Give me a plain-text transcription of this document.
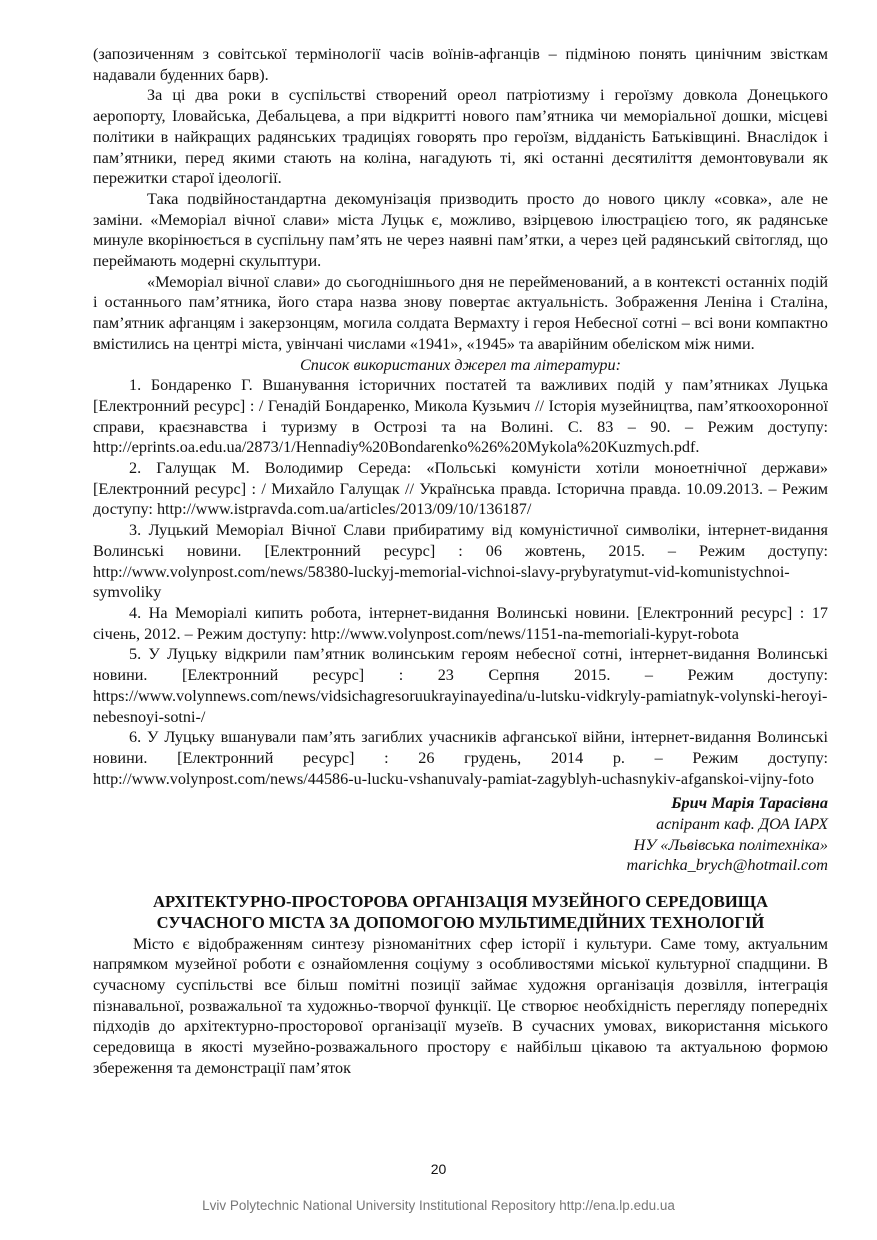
(запозиченням з совітської термінології часів воїнів-афганців – підміною понять цинічним звісткам надавали буденних барв).

За ці два роки в суспільстві створений ореол патріотизму і героїзму довкола Донецького аеропорту, Іловайська, Дебальцева, а при відкритті нового пам’ятника чи меморіальної дошки, місцеві політики в найкращих радянських традиціях говорять про героїзм, відданість Батьківщині. Внаслідок і пам’ятники, перед якими стають на коліна, нагадують ті, які останні десятиліття демонтовували як пережитки старої ідеології.

Така подвійностандартна декомунізація призводить просто до нового циклу «совка», але не заміни. «Меморіал вічної слави» міста Луцьк є, можливо, взірцевою ілюстрацією того, як радянське минуле вкорінюється в суспільну пам’ять не через наявні пам’ятки, а через цей радянський світогляд, що переймають модерні скульптури.

«Меморіал вічної слави» до сьогоднішнього дня не перейменований, а в контексті останніх подій і останнього пам’ятника, його стара назва знову повертає актуальність. Зображення Леніна і Сталіна, пам’ятник афганцям і закерзонцям, могила солдата Вермахту і героя Небесної сотні – всі вони компактно вмістились на центрі міста, увінчані числами «1941», «1945» та аварійним обеліском між ними.

Список використаних джерел та літератури:

1. Бондаренко Г. Вшанування історичних постатей та важливих подій у пам’ятниках Луцька [Електронний ресурс] : / Генадій Бондаренко, Микола Кузьмич // Історія музейництва, пам’яткоохоронної справи, краєзнавства і туризму в Острозі та на Волині. С. 83 – 90. – Режим доступу: http://eprints.oa.edu.ua/2873/1/Hennadiy%20Bondarenko%26%20Mykola%20Kuzmych.pdf.

2. Галущак М. Володимир Середа: «Польські комуністи хотіли моноетнічної держави» [Електронний ресурс] : / Михайло Галущак // Українська правда. Історична правда. 10.09.2013. – Режим доступу: http://www.istpravda.com.ua/articles/2013/09/10/136187/

3. Луцький Меморіал Вічної Слави прибиратиму від комуністичної символіки, інтернет-видання Волинські новини. [Електронний ресурс] : 06 жовтень, 2015. – Режим доступу: http://www.volynpost.com/news/58380-luckyj-memorial-vichnoi-slavy-prybyratymut-vid-komunistychnoi-symvoliky

4. На Меморіалі кипить робота, інтернет-видання Волинські новини. [Електронний ресурс] : 17 січень, 2012. – Режим доступу: http://www.volynpost.com/news/1151-na-memoriali-kypyt-robota

5. У Луцьку відкрили пам’ятник волинським героям небесної сотні, інтернет-видання Волинські новини. [Електронний ресурс] : 23 Серпня 2015. – Режим доступу: https://www.volynnews.com/news/vidsichagresoruukrayinayedina/u-lutsku-vidkryly-pamiatnyk-volynski-heroyi-nebesnoyi-sotni-/

6. У Луцьку вшанували пам’ять загиблих учасників афганської війни, інтернет-видання Волинські новини. [Електронний ресурс] : 26 грудень, 2014 р. – Режим доступу: http://www.volynpost.com/news/44586-u-lucku-vshanuvaly-pamiat-zagyblyh-uchasnykiv-afganskoi-vijny-foto

Брич Марія Тарасівна

аспірант каф. ДОА ІАРХ

НУ «Львівська політехніка»

marichka_brych@hotmail.com

АРХІТЕКТУРНО-ПРОСТОРОВА ОРГАНІЗАЦІЯ МУЗЕЙНОГО СЕРЕДОВИЩА

СУЧАСНОГО МІСТА ЗА ДОПОМОГОЮ МУЛЬТИМЕДІЙНИХ ТЕХНОЛОГІЙ

Місто є відображенням синтезу різноманітних сфер історії і культури. Саме тому, актуальним напрямком музейної роботи є ознайомлення соціуму з особливостями міської культурної спадщини. В сучасному суспільстві все більш помітні позиції займає художня організація дозвілля, інтеграція пізнавальної, розважальної та художньо-творчої функції. Це створює необхідність перегляду попередніх підходів до архітектурно-просторової організації музеїв. В сучасних умовах, використання міського середовища в якості музейно-розважального простору є найбільш цікавою та актуальною формою збереження та демонстрації пам’яток

20
Lviv Polytechnic National University Institutional Repository http://ena.lp.edu.ua
